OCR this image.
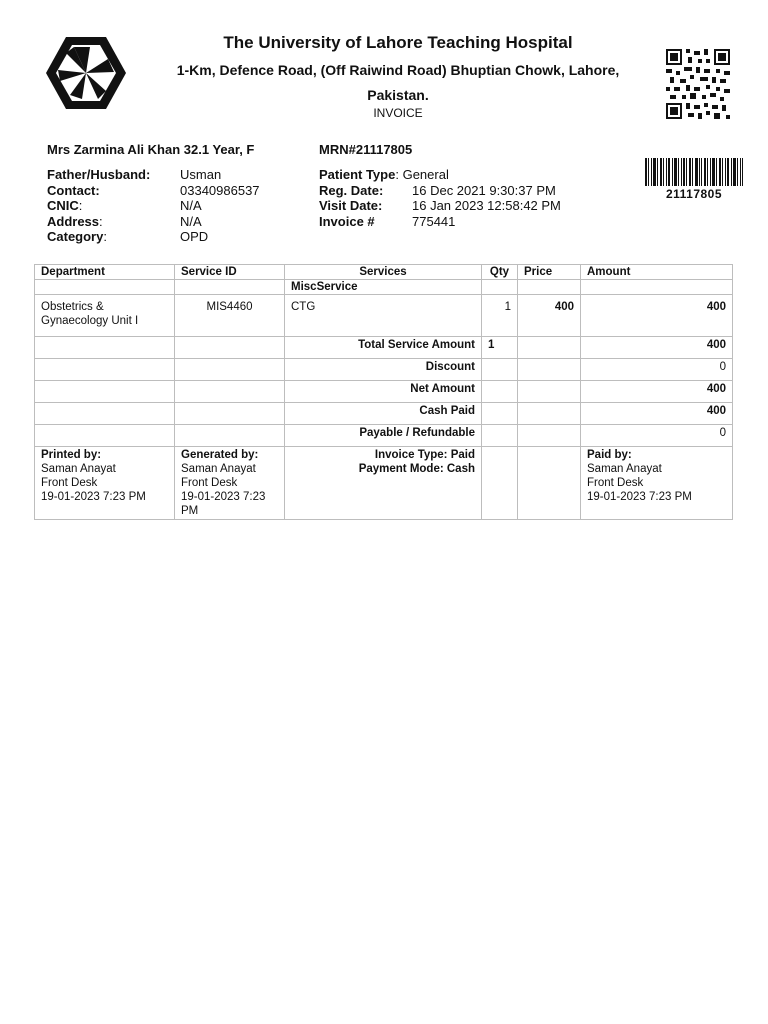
The University of Lahore Teaching Hospital
1-Km, Defence Road, (Off Raiwind Road) Bhuptian Chowk, Lahore,
Pakistan.
INVOICE
21117805
Mrs Zarmina Ali Khan 32.1 Year, F	MRN#21117805
Father/Husband:	Usman
Contact:	03340986537
CNIC:	N/A
Address:	N/A
Category:	OPD
Patient Type :
General
Reg. Date:	16 Dec 2021 9:30:37 PM
Visit Date:	16 Jan 2023 12:58:42 PM
Invoice #	775441
Department	Service ID	Services	Qty	Price	Amount
		MiscService			
Obstetrics &
Gynaecology Unit I	MIS4460	CTG	1	400	400
		Total Service Amount	1		400
		Discount			0
		Net Amount			400
		Cash Paid			400
		Payable / Refundable			0
Printed by:
Saman Anayat
Front Desk
19-01-2023 7:23 PM	Generated by:
Saman Anayat
Front Desk
19-01-2023 7:23 PM	Invoice Type: Paid
Payment Mode: Cash			Paid by:
Saman Anayat
Front Desk
19-01-2023 7:23 PM
